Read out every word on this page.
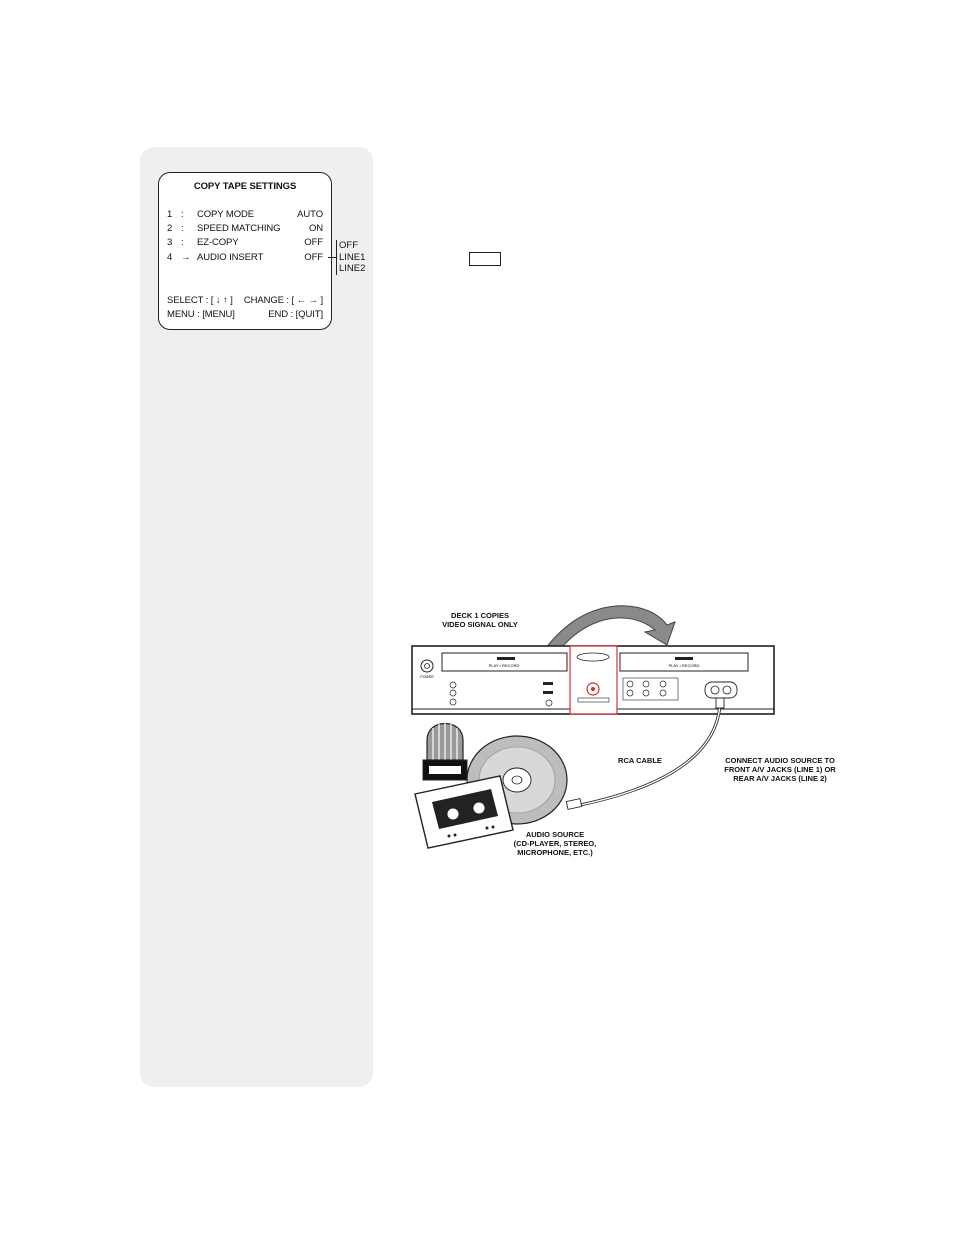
COPY TAPE SETTINGS
1 :	COPY MODE	AUTO
2 :	SPEED MATCHING	ON
3 :	EZ-COPY	OFF
4 → AUDIO INSERT	OFF
SELECT : [ ↓ ↑ ] CHANGE : [ ← → ]
MENU : [MENU]	END : [QUIT]
OFF
LINE1
LINE2
POWER
PLAY • RECORD	PLAY • RECORD
DECK 1 COPIES
VIDEO SIGNAL ONLY
RCA CABLE	CONNECT AUDIO SOURCE TO
FRONT A/V JACKS (LINE 1) OR
REAR A/V JACKS (LINE 2)
AUDIO SOURCE
(CD-PLAYER, STEREO,
MICROPHONE, ETC.)
